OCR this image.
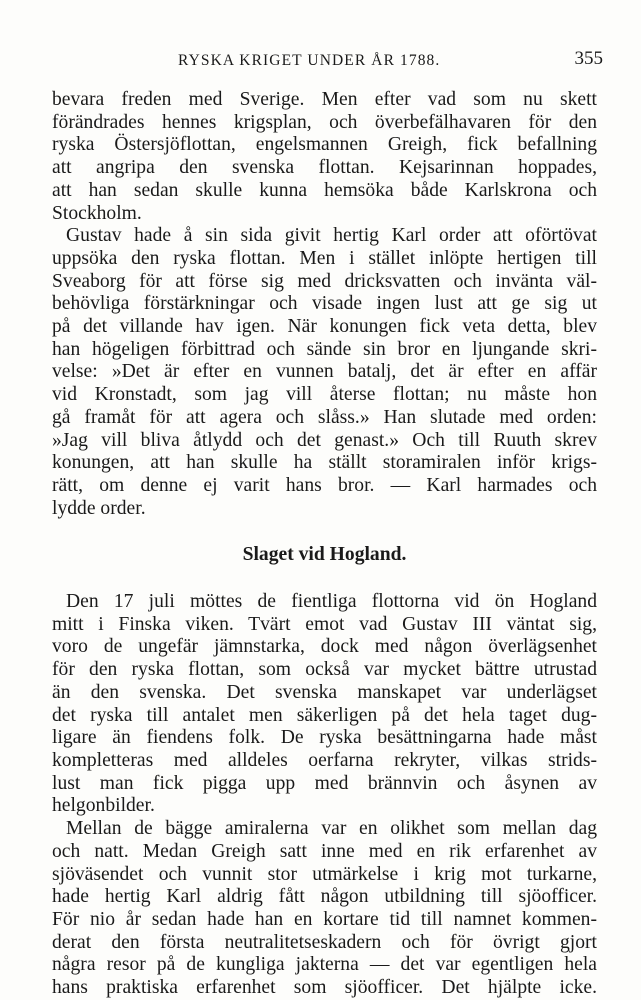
RYSKA KRIGET UNDER ÅR 1788.	355
bevara freden med Sverige. Men efter vad som nu skett
förändrades hennes krigsplan, och överbefälhavaren för den
ryska Östersjöflottan, engelsmannen Greigh, fick befallning
att angripa den svenska flottan. Kejsarinnan hoppades,
att han sedan skulle kunna hemsöka både Karlskrona och
Stockholm.
Gustav hade å sin sida givit hertig Karl order att oförtövat
uppsöka den ryska flottan. Men i stället inlöpte hertigen till
Sveaborg för att förse sig med dricksvatten och invänta väl-
behövliga förstärkningar och visade ingen lust att ge sig ut
på det villande hav igen. När konungen fick veta detta, blev
han högeligen förbittrad och sände sin bror en ljungande skri-
velse: »Det är efter en vunnen batalj, det är efter en affär
vid Kronstadt, som jag vill återse flottan; nu måste hon
gå framåt för att agera och slåss.» Han slutade med orden:
»Jag vill bliva åtlydd och det genast.» Och till Ruuth skrev
konungen, att han skulle ha ställt storamiralen inför krigs-
rätt, om denne ej varit hans bror. — Karl harmades och
lydde order.
Slaget vid Hogland.
Den 17 juli möttes de fientliga flottorna vid ön Hogland
mitt i Finska viken. Tvärt emot vad Gustav III väntat sig,
voro de ungefär jämnstarka, dock med någon överlägsenhet
för den ryska flottan, som också var mycket bättre utrustad
än den svenska. Det svenska manskapet var underlägset
det ryska till antalet men säkerligen på det hela taget dug-
ligare än fiendens folk. De ryska besättningarna hade måst
kompletteras med alldeles oerfarna rekryter, vilkas strids-
lust man fick pigga upp med brännvin och åsynen av
helgonbilder.
Mellan de bägge amiralerna var en olikhet som mellan dag
och natt. Medan Greigh satt inne med en rik erfarenhet av
sjöväsendet och vunnit stor utmärkelse i krig mot turkarne,
hade hertig Karl aldrig fått någon utbildning till sjöofficer.
För nio år sedan hade han en kortare tid till namnet kommen-
derat den första neutralitetseskadern och för övrigt gjort
några resor på de kungliga jakterna — det var egentligen hela
hans praktiska erfarenhet som sjöofficer. Det hjälpte icke.
